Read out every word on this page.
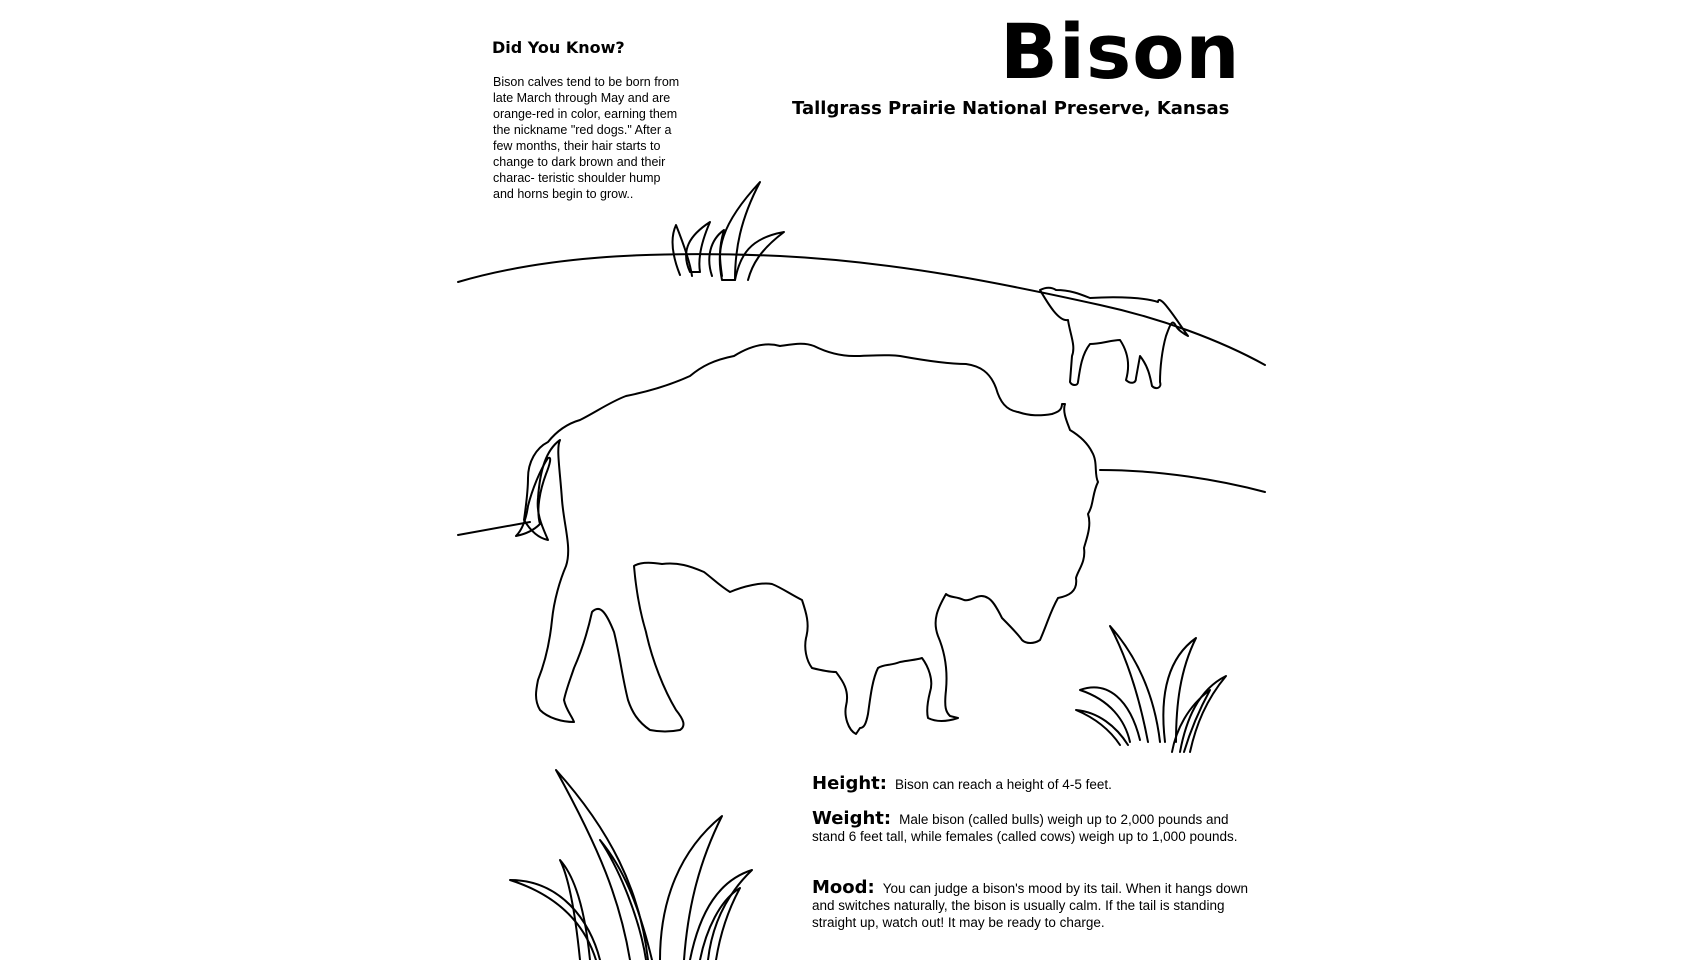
Bison
Tallgrass Prairie National Preserve, Kansas
Did You Know?
Bison calves tend to be born from late March through May and are orange-red in color, earning them the nickname "red dogs." After a few months, their hair starts to change to dark brown and their charac- teristic shoulder hump and horns begin to grow..
Height: Bison can reach a height of 4-5 feet.
Weight: Male bison (called bulls) weigh up to 2,000 pounds and stand 6 feet tall, while females (called cows) weigh up to 1,000 pounds.
Mood: You can judge a bison's mood by its tail. When it hangs down and switches naturally, the bison is usually calm. If the tail is standing straight up, watch out! It may be ready to charge.
